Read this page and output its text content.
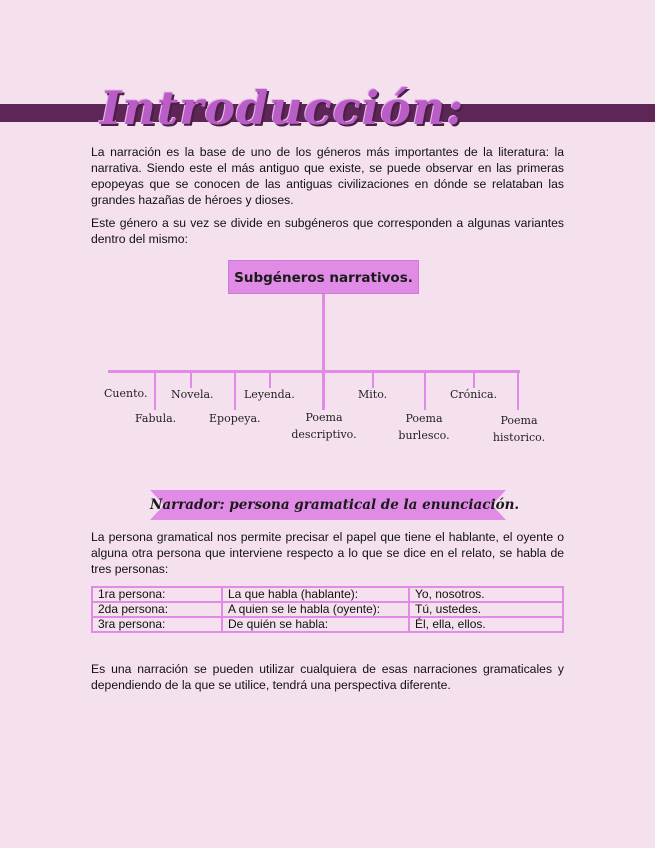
Introducción:

La narración es la base de uno de los géneros más importantes de la literatura: la narrativa. Siendo este el más antiguo que existe, se puede observar en las primeras epopeyas que se conocen de las antiguas civilizaciones en dónde se relataban las grandes hazañas de héroes y dioses.

Este género a su vez se divide en subgéneros que corresponden a algunas variantes dentro del mismo:

Subgéneros narrativos.
Cuento.
Fabula.
Novela.
Epopeya.
Leyenda.
Poema descriptivo.
Mito.
Poema burlesco.
Crónica.
Poema historico.
Narrador: persona gramatical de la enunciación.

La persona gramatical nos permite precisar el papel que tiene el hablante, el oyente o alguna otra persona que interviene respecto a lo que se dice en el relato, se habla de tres personas:

1ra persona:	La que habla (hablante):	Yo, nosotros.
2da persona:	A quien se le habla (oyente):	Tú, ustedes.
3ra persona:	De quién se habla:	Él, ella, ellos.

Es una narración se pueden utilizar cualquiera de esas narraciones gramaticales y dependiendo de la que se utilice, tendrá una perspectiva diferente.
